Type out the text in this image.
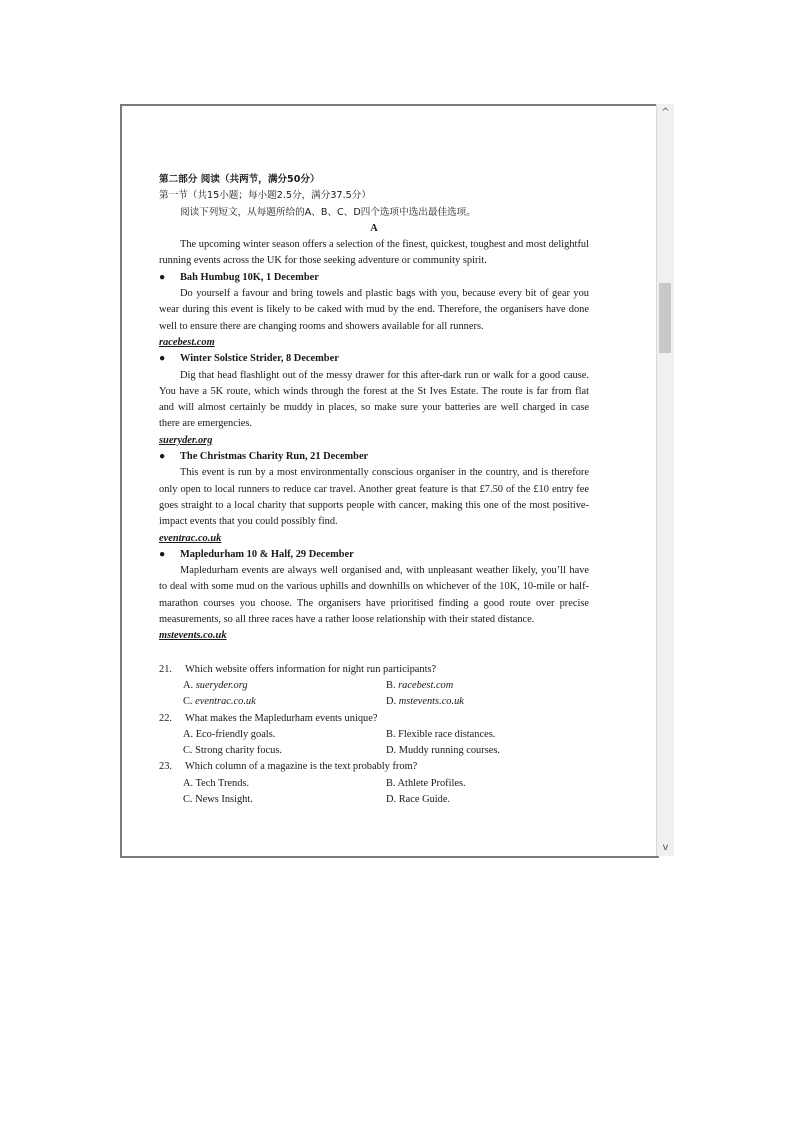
第二部分 阅读（共两节，满分50分）

第一节（共15小题；每小题2.5分，满分37.5分）

阅读下列短文，从每题所给的A、B、C、D四个选项中选出最佳选项。

A

The upcoming winter season offers a selection of the finest, quickest, toughest and most delightful running events across the UK for those seeking adventure or community spirit.

● Bah Humbug 10K, 1 December

Do yourself a favour and bring towels and plastic bags with you, because every bit of gear you wear during this event is likely to be caked with mud by the end. Therefore, the organisers have done well to ensure there are changing rooms and showers available for all runners.

racebest.com

● Winter Solstice Strider, 8 December

Dig that head flashlight out of the messy drawer for this after-dark run or walk for a good cause. You have a 5K route, which winds through the forest at the St Ives Estate. The route is far from flat and will almost certainly be muddy in places, so make sure your batteries are well charged in case there are emergencies.

sueryder.org

● The Christmas Charity Run, 21 December

This event is run by a most environmentally conscious organiser in the country, and is therefore only open to local runners to reduce car travel. Another great feature is that £7.50 of the £10 entry fee goes straight to a local charity that supports people with cancer, making this one of the most positive-impact events that you could possibly find.

eventrac.co.uk

● Mapledurham 10 & Half, 29 December

Mapledurham events are always well organised and, with unpleasant weather likely, you’ll have to deal with some mud on the various uphills and downhills on whichever of the 10K, 10-mile or half-marathon courses you choose. The organisers have prioritised finding a good route over precise measurements, so all three races have a rather loose relationship with their stated distance.

mstevents.co.uk

21.	Which website offers information for night run participants?
A. sueryder.org	B. racebest.com
C. eventrac.co.uk	D. mstevents.co.uk
22.	What makes the Mapledurham events unique?
A. Eco-friendly goals.	B. Flexible race distances.
C. Strong charity focus.	D. Muddy running courses.
23.	Which column of a magazine is the text probably from?
A. Tech Trends.	B. Athlete Profiles.
C. News Insight.	D. Race Guide.
^
v
